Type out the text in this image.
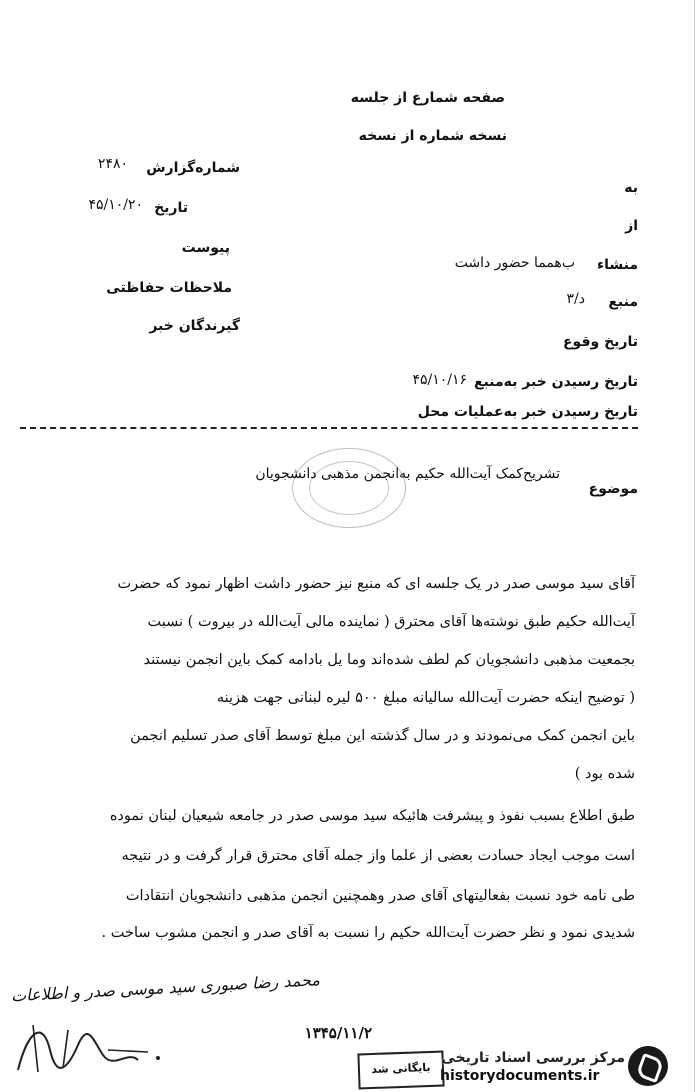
صفحه شمارع از جلسه
نسخه شماره از نسخه
به
از
منشاء
ب‌همما حضور داشت
منبع
د/۳
تاریخ وقوع
تاریخ رسیدن خبر به‌منبع
۴۵/۱۰/۱۶
تاریخ رسیدن خبر به‌عملیات محل
شماره‌گزارش
۲۴۸۰
تاریخ
۴۵/۱۰/۲۰
پیوست
ملاحظات حفاظتی
گیرندگان خبر
موضوع
تشریح‌کمک آیت‌الله حکیم به‌انجمن مذهبی دانشجویان
آقای سید موسی صدر در یک جلسه ای که منبع نیز حضور داشت اظهار نمود که حضرت
آیت‌الله حکیم طبق نوشته‌ها آقای محترق ( نماینده مالی آیت‌الله در بیروت ) نسبت
بجمعیت مذهبی دانشجویان کم لطف شده‌اند وما یل بادامه کمک باین انجمن نیستند
( توضیح اینکه حضرت آیت‌الله سالیانه مبلغ ۵۰۰ لیره لبنانی جهت هزینه
باین انجمن کمک می‌نمودند و در سال گذشته این مبلغ توسط آقای صدر تسلیم انجمن
شده بود )
طبق اطلاع بسبب نفوذ و پیشرفت هائیکه سید موسی صدر در جامعه شیعیان لبنان نموده
است موجب ایجاد حسادت بعضی از علما واز جمله آقای محترق قرار گرفت و در نتیجه
طی نامه خود نسبت بفعالیتهای آقای صدر وهمچنین انجمن مذهبی دانشجویان انتقادات
شدیدی نمود و نظر حضرت آیت‌الله حکیم را نسبت به آقای صدر و انجمن مشوب ساخت .
محمد رضا صبوری سید موسی صدر و اطلاعات
۱۳۴۵/۱۱/۲
بایگانی شد
مرکز بررسی اسناد تاریخی
historydocuments.ir
